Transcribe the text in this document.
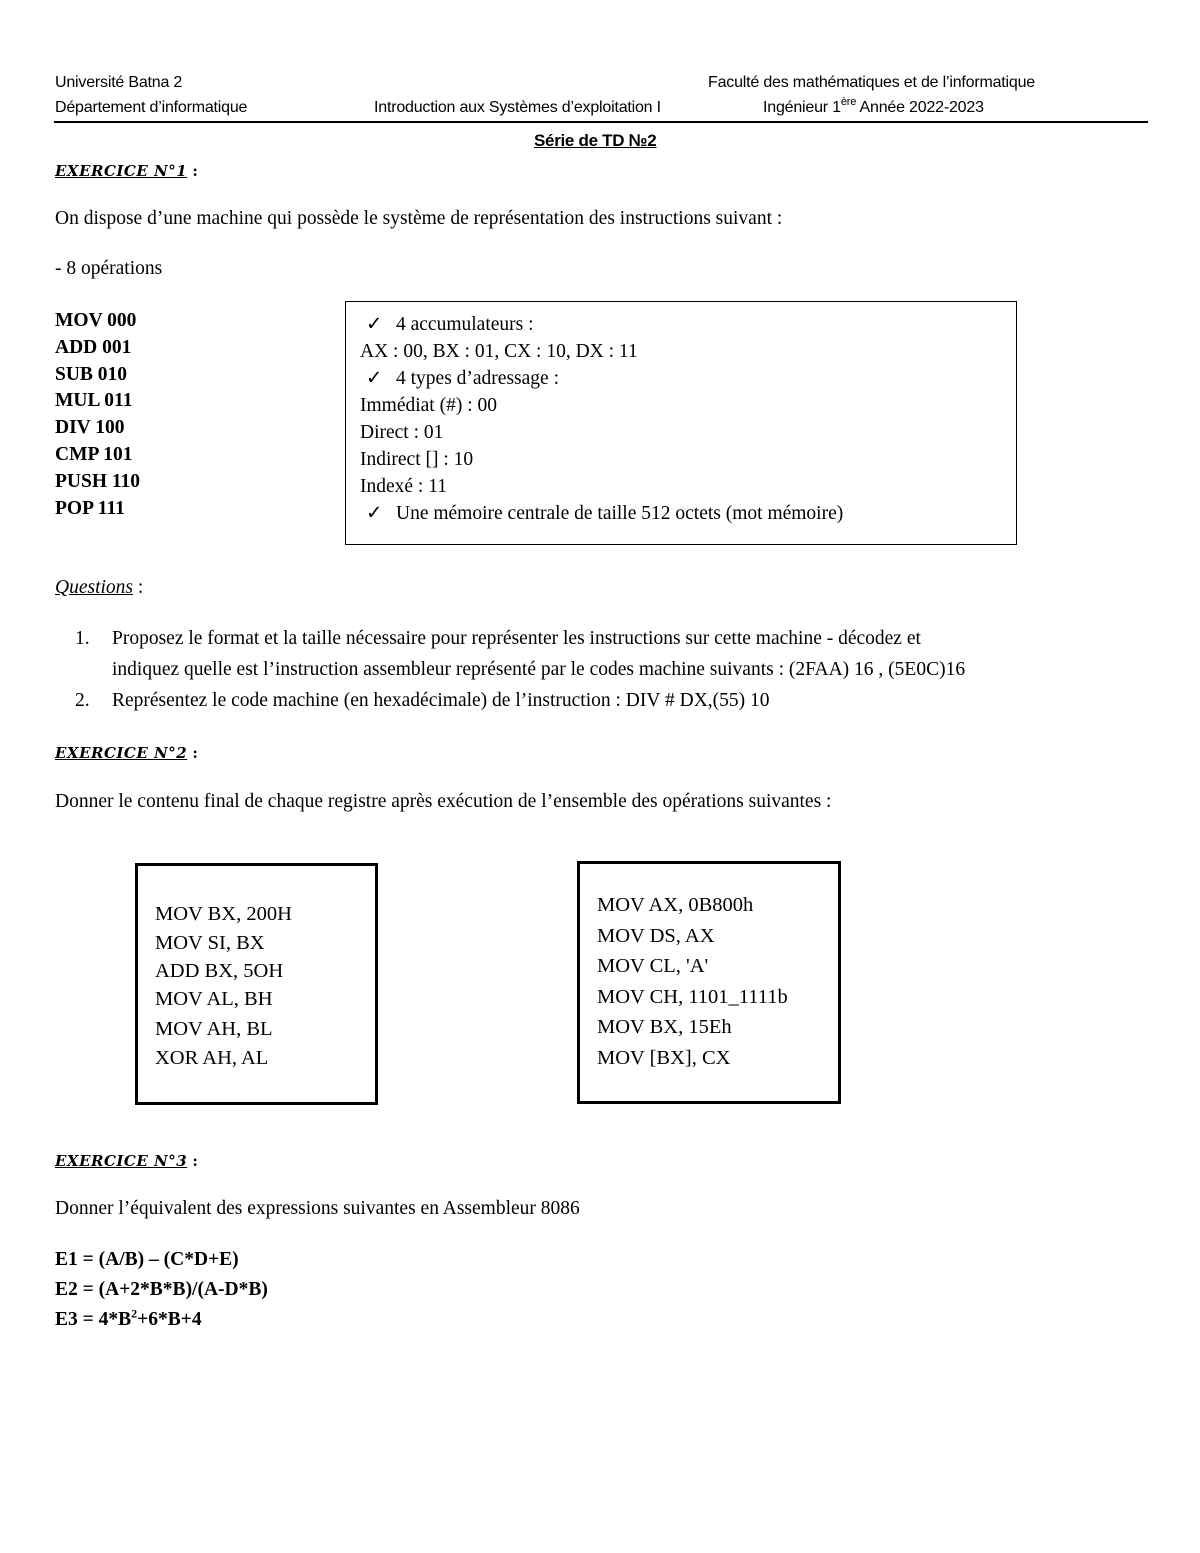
Université Batna 2
Département d’informatique	Introduction aux Systèmes d’exploitation I
Faculté des mathématiques et de l’informatique
Ingénieur 1ère Année 2022-2023
Série de TD №2
EXERCICE N°1 :
On dispose d’une machine qui possède le système de représentation des instructions suivant :
- 8 opérations
MOV 000
ADD 001
SUB 010
MUL 011
DIV 100
CMP 101
PUSH 110
POP 111
✓ 4 accumulateurs :
AX : 00, BX : 01, CX : 10, DX : 11
✓ 4 types d’adressage :
Immédiat (#) : 00
Direct : 01
Indirect [] : 10
Indexé : 11
✓ Une mémoire centrale de taille 512 octets (mot mémoire)
Questions :
1. Proposez le format et la taille nécessaire pour représenter les instructions sur cette machine - décodez et
indiquez quelle est l’instruction assembleur représenté par le codes machine suivants : (2FAA) 16 , (5E0C)16
2. Représentez le code machine (en hexadécimale) de l’instruction : DIV # DX,(55) 10
EXERCICE N°2 :
Donner le contenu final de chaque registre après exécution de l’ensemble des opérations suivantes :
MOV BX, 200H
MOV SI, BX
ADD BX, 5OH
MOV AL, BH
MOV AH, BL
XOR AH, AL
MOV AX, 0B800h
MOV DS, AX
MOV CL, 'A'
MOV CH, 1101_1111b
MOV BX, 15Eh
MOV [BX], CX
EXERCICE N°3 :
Donner l’équivalent des expressions suivantes en Assembleur 8086
E1 = (A/B) – (C*D+E)
E2 = (A+2*B*B)/(A-D*B)
$E3 = 4*B^2+6*B+4$
